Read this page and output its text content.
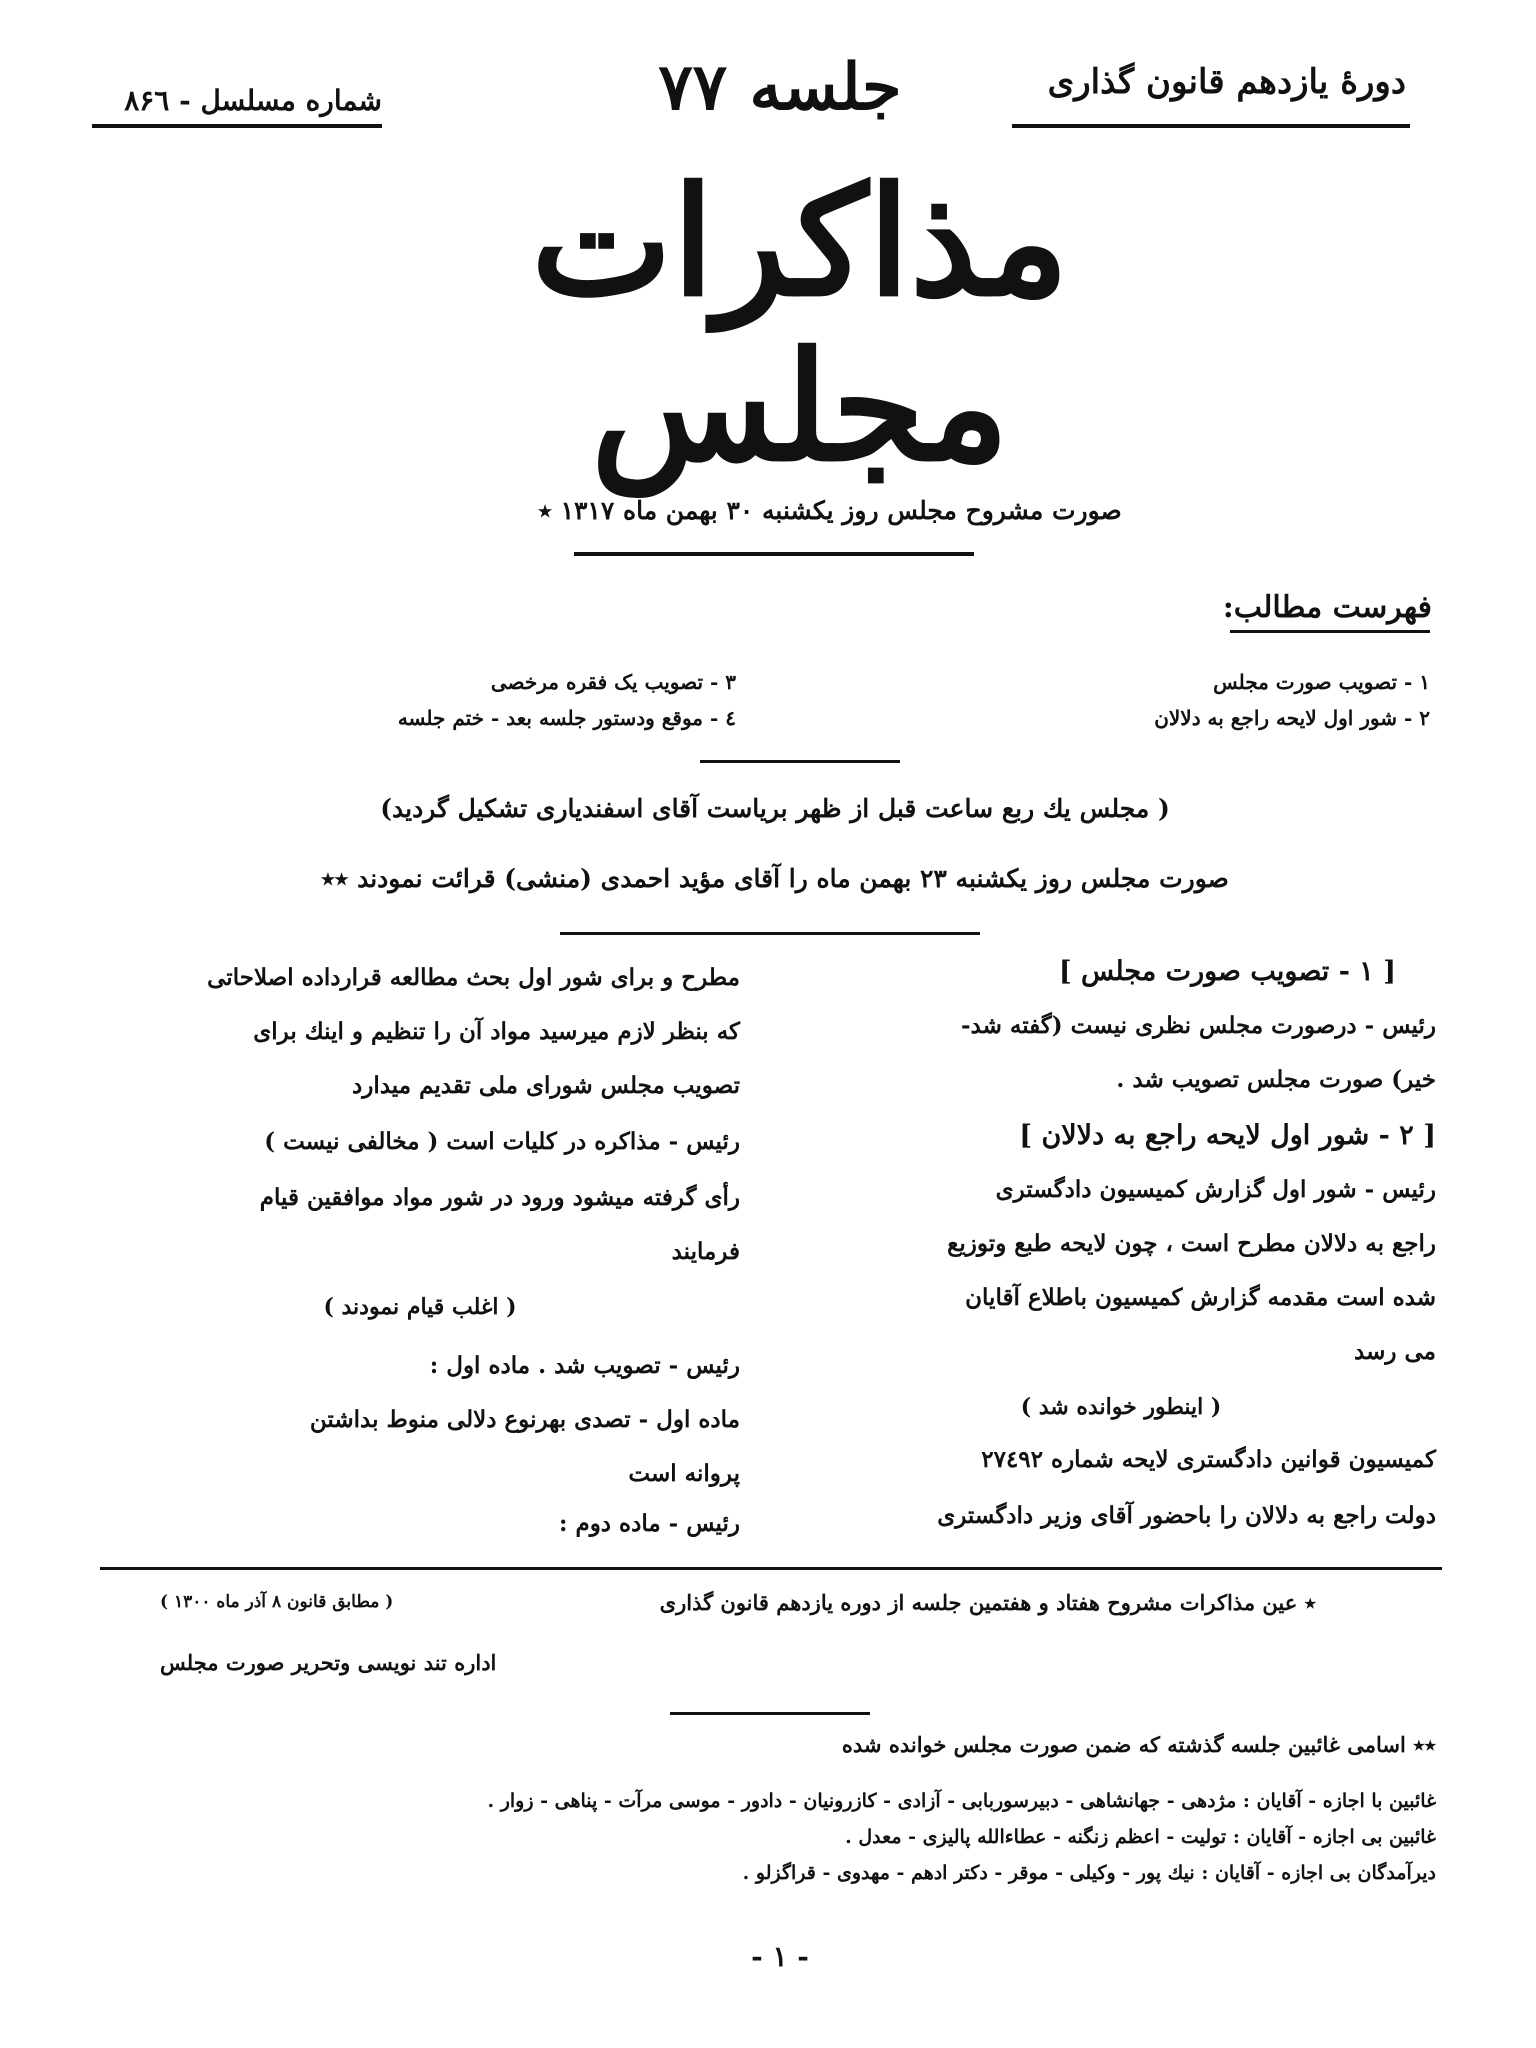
دورهٔ یازدهم قانون گذاری
جلسه ۷۷
شماره مسلسل - ۸۶٦
مذاکرات مجلس
صورت مشروح مجلس روز یکشنبه ۳۰ بهمن ماه ۱۳۱۷ ٭
فهرست مطالب:
۱ - تصویب صورت مجلس
۲ - شور اول لایحه راجع به دلالان
۳ - تصویب یک فقره مرخصی
٤ - موقع ودستور جلسه بعد - ختم جلسه
( مجلس یك ربع ساعت قبل از ظهر بریاست آقای اسفندیاری تشکیل گردید)
صورت مجلس روز یکشنبه ۲۳ بهمن ماه را آقای مؤید احمدی (منشی) قرائت نمودند ٭٭
[ ۱ - تصویب صورت مجلس ]
رئیس - درصورت مجلس نظری نیست (گفته شد-
خیر) صورت مجلس تصویب شد .
[ ۲ - شور اول لایحه راجع به دلالان ]
رئیس - شور اول گزارش کمیسیون دادگستری
راجع به دلالان مطرح است ، چون لایحه طبع وتوزیع
شده است مقدمه گزارش کمیسیون باطلاع آقایان
می رسد
( اینطور خوانده شد )
کمیسیون قوانین دادگستری لایحه شماره ۲۷٤۹۲
دولت راجع به دلالان را باحضور آقای وزیر دادگستری
مطرح و برای شور اول بحث مطالعه قرارداده اصلاحاتی
که بنظر لازم میرسید مواد آن را تنظیم و اینك برای
تصویب مجلس شورای ملی تقدیم میدارد
رئیس - مذاکره در کلیات است ( مخالفی نیست )
رأی گرفته میشود ورود در شور مواد موافقین قیام
فرمایند
( اغلب قیام نمودند )
رئیس - تصویب شد . ماده اول :
ماده اول - تصدی بهرنوع دلالی منوط بداشتن
پروانه است
رئیس - ماده دوم :
٭ عین مذاکرات مشروح هفتاد و هفتمین جلسه از دوره یازدهم قانون گذاری
( مطابق قانون ۸ آذر ماه ۱۳۰۰ )
اداره تند نویسی وتحریر صورت مجلس
٭٭ اسامی غائبین جلسه گذشته که ضمن صورت مجلس خوانده شده
غائبین با اجازه - آقایان : مژدهی - جهانشاهی - دبیرسوربابی - آزادی - کازرونیان - دادور - موسی مرآت - پناهی - زوار .
غائبین بی اجازه - آقایان : تولیت - اعظم زنگنه - عطاءالله پالیزی - معدل .
دیرآمدگان بی اجازه - آقایان : نیك پور - وکیلی - موقر - دکتر ادهم - مهدوی - قراگزلو .
- ۱ -
